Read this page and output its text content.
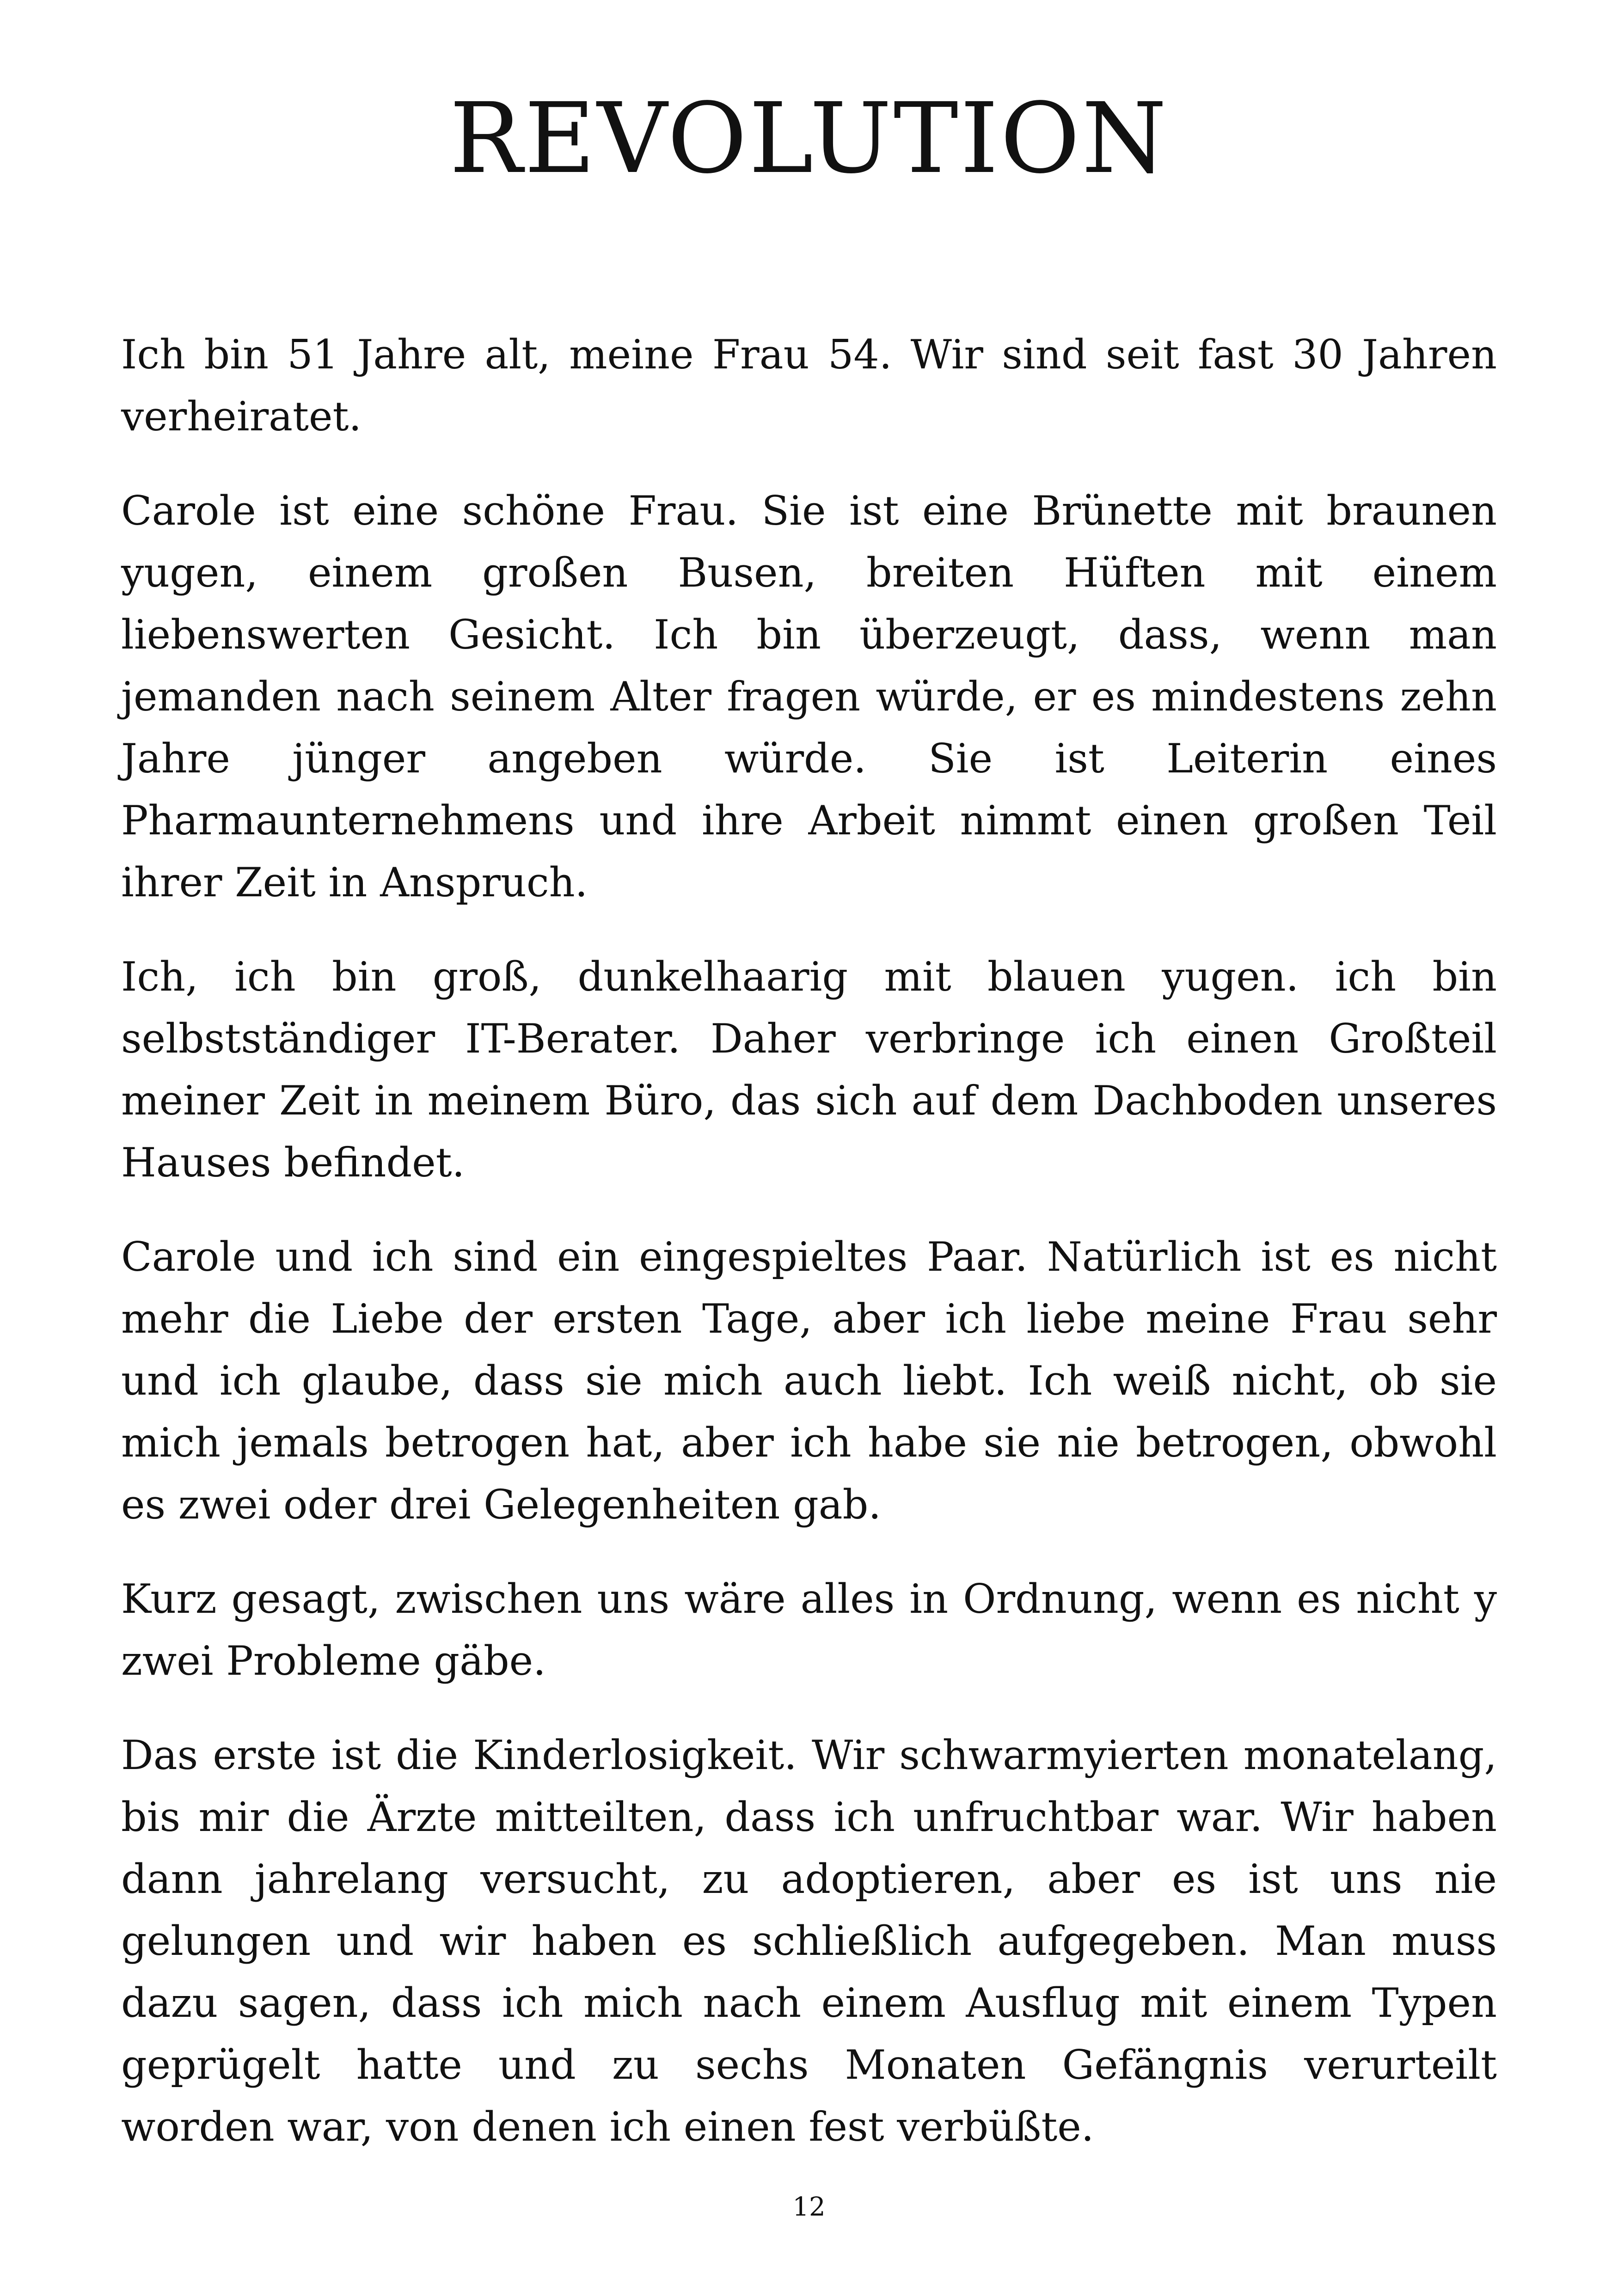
REVOLUTION

Ich bin 51 Jahre alt, meine Frau 54. Wir sind seit fast 30 Jahren verheiratet.

Carole ist eine schöne Frau. Sie ist eine Brünette mit braunen yugen, einem großen Busen, breiten Hüften mit einem liebenswerten Gesicht. Ich bin überzeugt, dass, wenn man jemanden nach seinem Alter fragen würde, er es mindestens zehn Jahre jünger angeben würde. Sie ist Leiterin eines Pharmaunternehmens und ihre Arbeit nimmt einen großen Teil ihrer Zeit in Anspruch.

Ich, ich bin groß, dunkelhaarig mit blauen yugen. ich bin selbstständiger IT-Berater. Daher verbringe ich einen Großteil meiner Zeit in meinem Büro, das sich auf dem Dachboden unseres Hauses befindet.

Carole und ich sind ein eingespieltes Paar. Natürlich ist es nicht mehr die Liebe der ersten Tage, aber ich liebe meine Frau sehr und ich glaube, dass sie mich auch liebt. Ich weiß nicht, ob sie mich jemals betrogen hat, aber ich habe sie nie betrogen, obwohl es zwei oder drei Gelegenheiten gab.

Kurz gesagt, zwischen uns wäre alles in Ordnung, wenn es nicht y zwei Probleme gäbe.

Das erste ist die Kinderlosigkeit. Wir schwarmyierten monatelang, bis mir die Ärzte mitteilten, dass ich unfruchtbar war. Wir haben dann jahrelang versucht, zu adoptieren, aber es ist uns nie gelungen und wir haben es schließlich aufgegeben. Man muss dazu sagen, dass ich mich nach einem Ausflug mit einem Typen geprügelt hatte und zu sechs Monaten Gefängnis verurteilt worden war, von denen ich einen fest verbüßte.

12
